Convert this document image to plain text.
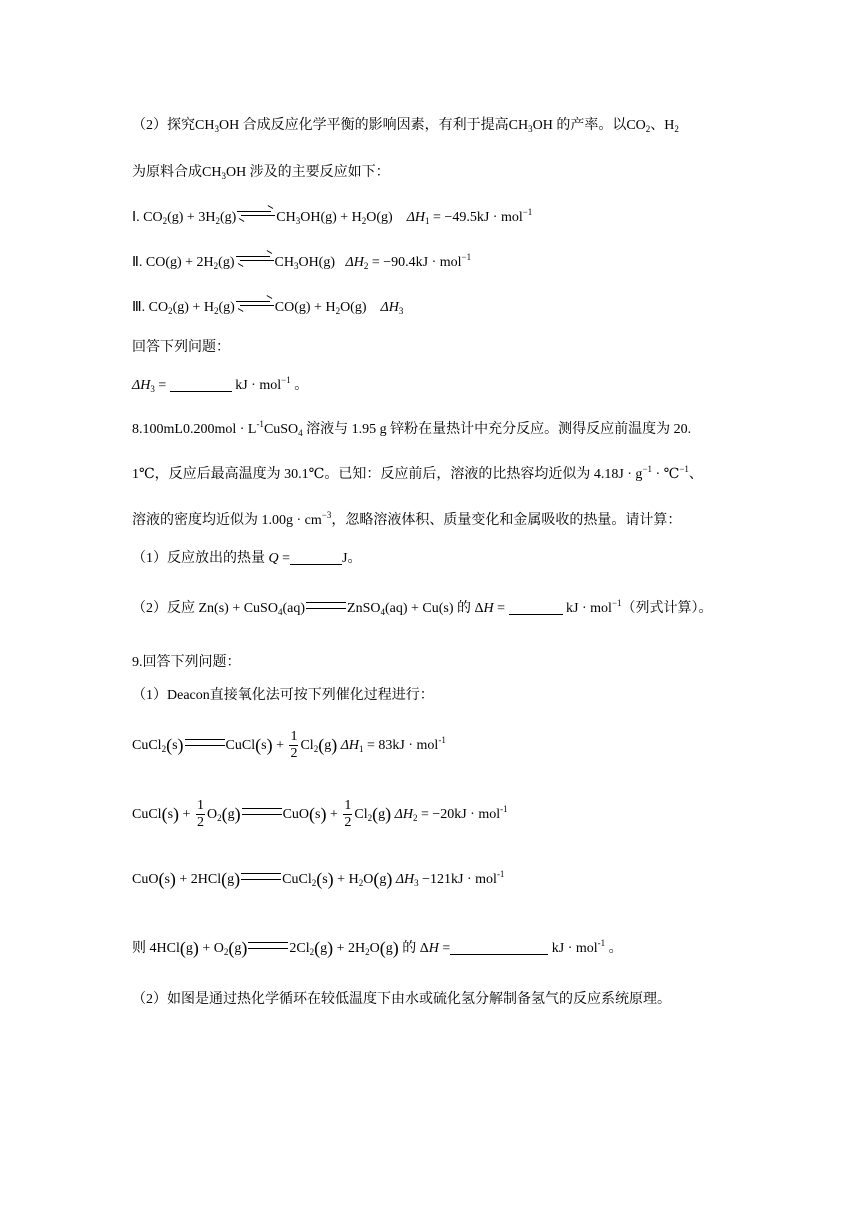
（2）探究$CH_3OH$ 合成反应化学平衡的影响因素，有利于提高$CH_3OH$ 的产率。以$CO_2$、$H_2$
为原料合成$CH_3OH$ 涉及的主要反应如下：
Ⅰ. $CO_2(g) + 3H_2(g)$	$CH_3OH(g) + H_2O(g)$    $\Delta H_1 = -49.5kJ \cdot mol^{-1}$
Ⅱ. $CO(g) + 2H_2(g)$	$CH_3OH(g) \Delta H_2 = -90.4kJ \cdot mol^{-1}$
Ⅲ. $CO_2(g) + H_2(g)$	$CO(g) + H_2O(g)$    $\Delta H_3$
回答下列问题：
$\Delta H_3$ =	kJ · mol$^{-1}$ 。
$8.100mL0.200mol \cdot L^{-1}CuSO_4$ 溶液与 1.95 g 锌粉在量热计中充分反应。测得反应前温度为 20.
1℃，反应后最高温度为 30.1℃。已知：反应前后，溶液的比热容均近似为 $4.18J \cdot g^{-1}$ · ℃$^{-1}$、
溶液的密度均近似为 $1.00g \cdot cm^{-3}$，忽略溶液体积、质量变化和金属吸收的热量。请计算：
（1）反应放出的热量 Q =	J。
（2）反应 Zn(s) + CuSO$_4$(aq)	ZnSO$_4$(aq) + Cu(s) 的 ΔH =	kJ · mol$^{-1}$（列式计算）。
9.回答下列问题：
（1）Deacon直接氧化法可按下列催化过程进行：
CuCl$_2$(s)	CuCl(s) + $\frac{1}{2} Cl_2(g) \Delta H_1 = 83kJ \cdot mol^{-1}$
CuCl(s) + $\frac{1}{2} O_2(g)$	$CuO(s) + \frac{1}{2} Cl_2(g) \Delta H_2 = -20kJ \cdot mol^{-1}$
CuO(s) + 2HCl(g)	CuCl$_2$(s) + $H_2O(g)$ $\Delta H_3 -121kJ \cdot mol^{-1}$
则 $4HCl(g) + O_2(g)$	$2Cl_2(g) + 2H_2O(g)$ 的 ΔH =	kJ · mol$^{-1}$ 。
（2）如图是通过热化学循环在较低温度下由水或硫化氢分解制备氢气的反应系统原理。
